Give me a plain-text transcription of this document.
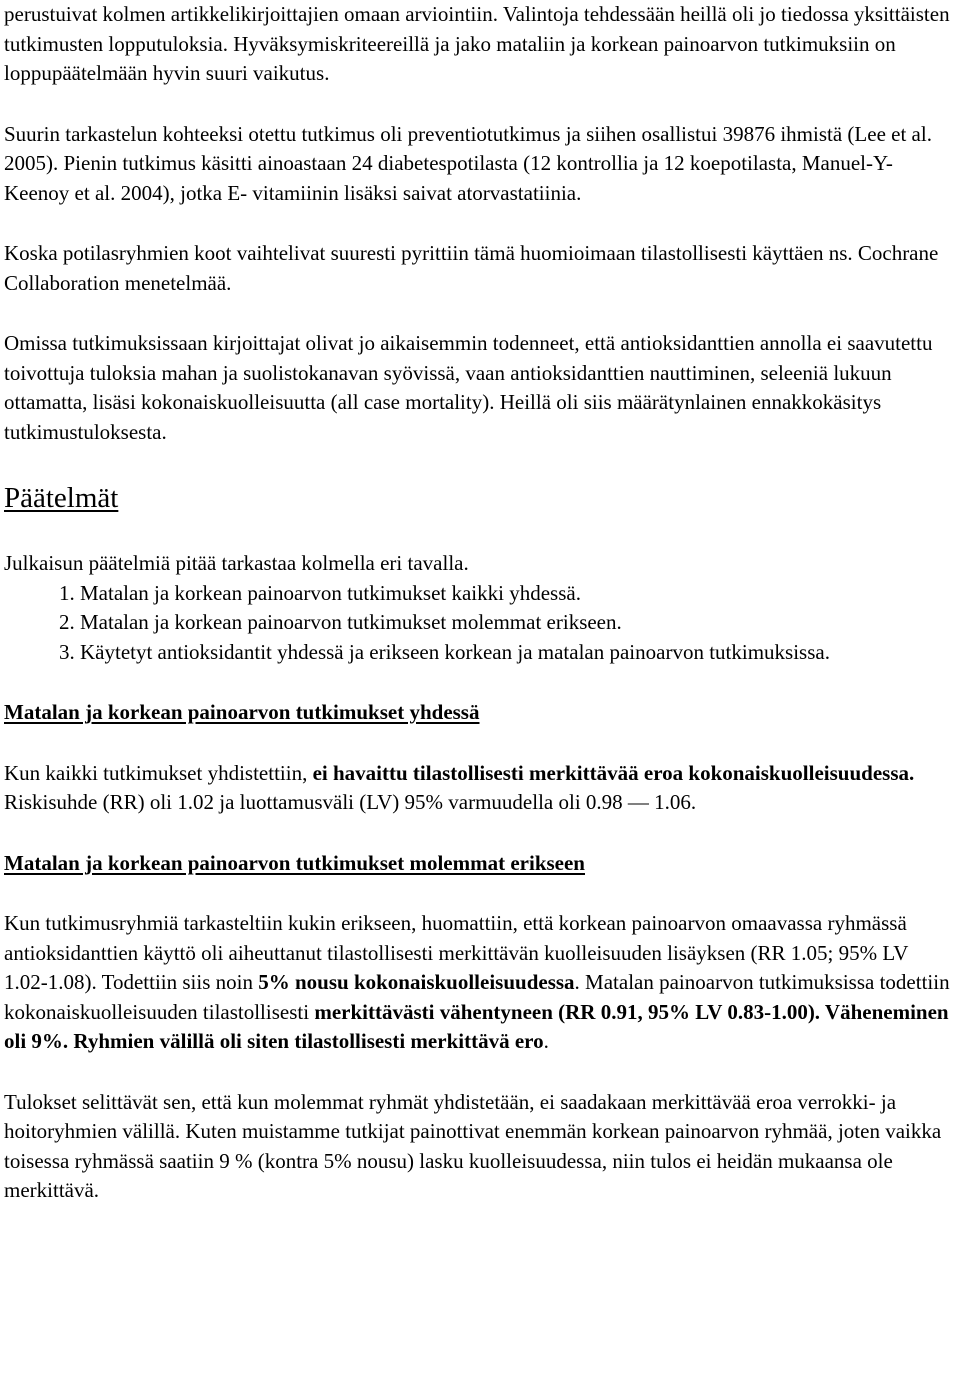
perustuivat kolmen artikkelikirjoittajien omaan arviointiin. Valintoja tehdessään heillä oli jo tiedossa yksittäisten tutkimusten lopputuloksia. Hyväksymiskriteereillä ja jako mataliin ja korkean painoarvon tutkimuksiin on loppupäätelmään hyvin suuri vaikutus.

Suurin tarkastelun kohteeksi otettu tutkimus oli preventiotutkimus ja siihen osallistui 39876 ihmistä (Lee et al. 2005). Pienin tutkimus käsitti ainoastaan 24 diabetespotilasta (12 kontrollia ja 12 koepotilasta, Manuel-Y-Keenoy et al. 2004), jotka E- vitamiinin lisäksi saivat atorvastatiinia.

Koska potilasryhmien koot vaihtelivat suuresti pyrittiin tämä huomioimaan tilastollisesti käyttäen ns. Cochrane Collaboration menetelmää.

Omissa tutkimuksissaan kirjoittajat olivat jo aikaisemmin todenneet, että antioksidanttien annolla ei saavutettu toivottuja tuloksia mahan ja suolistokanavan syövissä, vaan antioksidanttien nauttiminen, seleeniä lukuun ottamatta, lisäsi kokonaiskuolleisuutta (all case mortality). Heillä oli siis määrätynlainen ennakkokäsitys tutkimustuloksesta.

Päätelmät

Julkaisun päätelmiä pitää tarkastaa kolmella eri tavalla.

1. Matalan ja korkean painoarvon tutkimukset kaikki yhdessä.
2. Matalan ja korkean painoarvon tutkimukset molemmat erikseen.
3. Käytetyt antioksidantit yhdessä ja erikseen korkean ja matalan painoarvon tutkimuksissa.
Matalan ja korkean painoarvon tutkimukset yhdessä

Kun kaikki tutkimukset yhdistettiin, ei havaittu tilastollisesti merkittävää eroa kokonaiskuolleisuudessa. Riskisuhde (RR) oli 1.02 ja luottamusväli (LV) 95% varmuudella oli 0.98 — 1.06.

Matalan ja korkean painoarvon tutkimukset molemmat erikseen

Kun tutkimusryhmiä tarkasteltiin kukin erikseen, huomattiin, että korkean painoarvon omaavassa ryhmässä antioksidanttien käyttö oli aiheuttanut tilastollisesti merkittävän kuolleisuuden lisäyksen (RR 1.05; 95% LV 1.02-1.08). Todettiin siis noin 5% nousu kokonaiskuolleisuudessa. Matalan painoarvon tutkimuksissa todettiin kokonaiskuolleisuuden tilastollisesti merkittävästi vähentyneen (RR 0.91, 95% LV 0.83-1.00). Väheneminen oli 9%. Ryhmien välillä oli siten tilastollisesti merkittävä ero.

Tulokset selittävät sen, että kun molemmat ryhmät yhdistetään, ei saadakaan merkittävää eroa verrokki- ja hoitoryhmien välillä. Kuten muistamme tutkijat painottivat enemmän korkean painoarvon ryhmää, joten vaikka toisessa ryhmässä saatiin 9 % (kontra 5% nousu) lasku kuolleisuudessa, niin tulos ei heidän mukaansa ole merkittävä.
